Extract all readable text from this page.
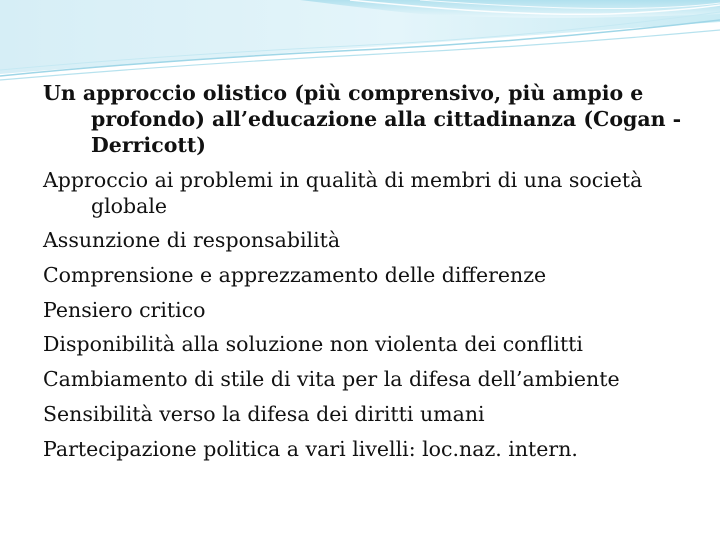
Un approccio olistico (più comprensivo, più ampio e profondo) all’educazione alla cittadinanza (Cogan - Derricott)

Approccio ai problemi in qualità di membri di una società globale

Assunzione di responsabilità

Comprensione e apprezzamento delle differenze

Pensiero critico

Disponibilità alla soluzione non violenta dei conflitti

Cambiamento di stile di vita per la difesa dell’ambiente

Sensibilità verso la difesa dei diritti umani

Partecipazione politica a vari livelli: loc.naz. intern.
